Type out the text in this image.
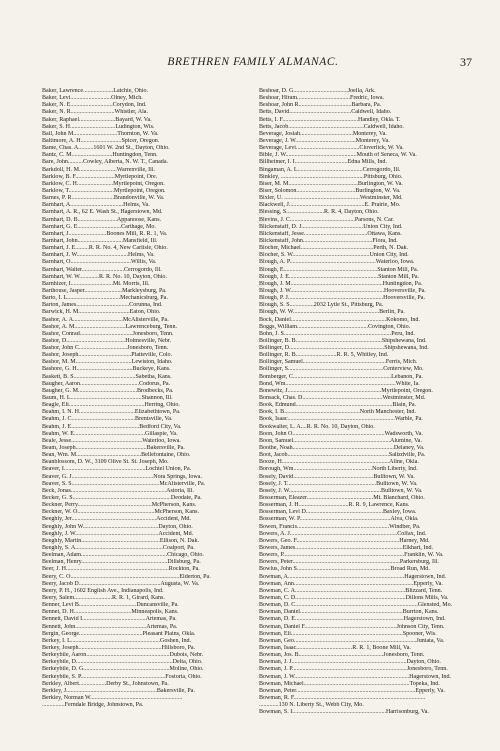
BRETHREN FAMILY ALMANAC.	37
Baker, Lawrence....................Latchie, Ohio.
Baker, Levi...........................Olney, Mich.
Baker, N. E............................Corydon, Ind.
Baker, N. R.............................Whistler, Ala.
Baker, Raphael........................Bayard, W. Va.
Baker, S. H..............................Ludington, Wis.
Ball, John M.............................Thornton, W. Va.
Baltimore, A. H...........................Spicer, Oregon.
Bame, Chas. A..........1601 W. 2nd St., Dayton, Ohio.
Bantz, C. M...........................Huntingdon, Tenn.
Bare, John..........Cowley, Alberta, N. W. T., Canada.
Barkdoll, H. M.........................Warrenville, Ill.
Barklow, B. F..........................Myrtlepoint, Ore.
Barklow, C. H........................Myrtlepoint, Oregon.
Barklow, T..............................Myrtlepoint, Oregon.
Barnes, P. R............................Brandonville, W. Va.
Barnhart, A...................................Helms, Va.
Barnhart, A. R., 62 E. Wash St., Hagerstown, Md.
Barnhart, D. B..........................Appanoose, Kans.
Barnhart, G. E.............................Carthage, Mo.
Barnhart, J.........................Boones Mill, R. R. 1, Va.
Barnhart, John..............................Mansfield, Ill.
Barnhart, J. E.........R. R. No. 4, New Carlisle, Ohio.
Barnhart, J. W..................................Helms, Va.
Barnhart, O........................................Willis, Va.
Barnhart, Walter............................Cerrogordo, Ill.
Barnhart, W. W.............R. R. No. 10, Dayton, Ohio.
Barnhizer, I............................Mt. Morris, Ill.
Barthouse, Jasper.........................Markleysburg, Pa.
Barto, I. L...................................Mechanicsburg, Pa.
Barton, James...................................Corunna, Ind.
Barwick, H. M..................................Eaton, Ohio.
Bashor, A. A.................................McAlisterville, Pa.
Bashor, A. M..................................Lawrenceburg, Tenn.
Bashor, Conrad...................................Jonesboro, Tenn.
Bashor, D.......................................Holmesville, Nebr.
Bashor, John C................................Jonesboro, Tenn.
Bashor, Joseph...................................Platteville, Colo.
Bashor, M. M.....................................Lewiston, Idaho.
Bashore, G. H.....................................Buckeye, Kans.
Baskett, B. S.........................................Sabetha, Kans.
Baugher, Aaron.......................................Codorus, Pa.
Baugher, G. M.......................................Brodbecks, Pa.
Baum, H. L...............................................Shannon, Ill.
Beagle, Eli..................................................Herring, Ohio.
Beahm, I. N. H.....................................Elizabethtown, Pa.
Beahm, J. C..........................................Brentsville, Va.
Beahm, J. E.............................................Bedford City, Va.
Beahm, W. E...............................................Gillaspie, Va.
Beale, Jesse...............................................Waterloo, Iowa.
Beam, Joseph...............................................Bakersville, Pa.
Bean, Wm. M...........................................Bellefontaine, Ohio.
Beanblossom, D. W., 3109 Olive St. St. Joseph, Mo.
Beaver, I......................................................Lochiel Union, Pa.
Beaver, G. J......................................................Nora Springs, Iowa.
Beaver, S. S..........................................................McAlisterville, Pa.
Beck, Jonas...............................................................Astoria, Ill.
Becker, G. S.................................................................Deodate, Pa.
Beckner, Perry.................................................McPherson, Kans.
Beckner, W. O...................................................McPherson, Kans.
Beeghly, Jer........................................................Accident, Md.
Beeghly, John W..................................................Dayton, Ohio.
Beeghly, J. W.......................................................Accident, Md.
Beeghly, Martin....................................................Ellison, N. Dak.
Beeghly, S. A..........................................................Coalport, Pa.
Beelman, Adam.........................................................Chicago, Ohio.
Beelman, Henry.........................................................Dillsburg, Pa.
Beer, J. H....................................................................Rockton, Pa.
Beery, C. O........................................................................Elderton, Pa.
Beery, Jacob D......................................................Augusta, W. Va.
Beery, P. H., 1602 English Ave., Indianapolis, Ind.
Beery, Salem.........................R. R. 1, Girard, Kans.
Benner, Levi B......................................Duncansville, Pa.
Bennet, D. H......................................Minneapolis, Kans.
Bennett, David I..........................................Artemas, Pa.
Bennett, John...............................................Artemas, Pa.
Bergin, George..........................................Pleasant Plains, Okla.
Berkey, I. L...........................................................Goshen, Ind.
Berkey, Joseph.......................................................Hillsboro, Pa.
Berkeybile, Aaron.......................................................Dubois, Nebr.
Berkeybile, D................................................................Delta, Ohio.
Berkeybile, D. G.........................................................Moline, Ohio.
Berkeybile, S. P........................................................Fostoria, Ohio.
Berkley, Albert..................Derby St., Johnstown, Pa.
Berkley, J............................................................Bakersville, Pa.
Berkley, Norman W.............................................................
...............Ferndale Bridge, Johnstown, Pa.
Beshoar, D. G....................................Joella, Ark.
Beshoar, Hiram...................................Fredric, Iowa.
Beshoar, John R...................................Barbara, Pa.
Betts, David.........................................Caldwell, Idaho.
Betts, I. F..................................................Handley, Okla. T.
Betts, Jacob..................................................Caldwell, Idaho.
Beverage, Josiah...................................Monterey, Va.
Beverage, J. W........................................Monterey, Va.
Beverage, Levi..........................................Cloverlick, W. Va.
Bible, J. W...............................................Mouth of Seneca, W. Va.
Billheimer, I. I...................................Edna Mills, Ind.
Bingaman, A. L...........................................Cerrogordo, Ill.
Binkley, .......................................................Pittsburg, Ohio.
Biser, M. M..............................................Burlington, W. Va.
Biser, Solomon.......................................Burlington, W. Va.
Bixler, U. ..................................................Westminster, Md.
Blackwell, J..................................................E. Prairie, Mo.
Blessing, S.........................R. R. 4, Dayton, Ohio.
Blevins, J. C...........................................Parsons, N. Car.
Blickenstaff, D. J.........................................Union City, Ind.
Blickenstaff, Jesse..........................................Ottawa, Kans.
Blickenstaff, John..............................................Flora, Ind.
Blocher, Michael................................................Perth, N. Dak.
Blocher, S. W...................................................Union City, Ind.
Blough, A. P.........................................................Waterloo, Iowa.
Blough, E..............................................................Stanton Mill, Pa.
Blough, J. E...........................................................Stanton Mill, Pa.
Blough, J. M.............................................................Huntingdon, Pa.
Blough, J. W..............................................................Hooversville, Pa.
Blough, P. J...............................................................Hooversville, Pa.
Blough, S. S................2032 Lytle St., Pittsburg, Pa.
Blough, W. W.........................................................Berlin, Pa.
Bock, Daniel...............................................................Kokomo, Ind.
Boggs, William...............................................Covington, Ohio.
Bohn, J. S.......................................................................Peru, Ind.
Bollinger, B. B.........................................................Shipshewana, Ind.
Bollinger, D...............................................................Shipshewana, Ind.
Bollinger, R. B...........................R. R. 5, Whitley, Ind.
Bollinger, Samuel.......................................................Ferris, Mich.
Bollinger, S...............................................................Centerview, Mo.
Bomberger, C.................................................................Lebanon, Pa.
Bond, Wm.........................................................................White, Ia.
Bonewitz, J..............................................................Myrtlepoint, Oregon.
Bonsack, Chas. D.....................................................Westminster, Md.
Book, Edmund................................................................Blain, Pa.
Book, I. B..................................................North Manchester, Ind.
Book, Isaac.......................................................................Warble, Pa.
Bookwalter, L. A....R. R. No. 10, Dayton, Ohio.
Boon, John O.............................................................Wadsworth, Va.
Boon, Samuel................................................................Alumine, Va.
Boothe, Noah...................................................................Delaney, Va.
Boot, Jacob...................................................................Saltzdville, Pa.
Booze, H.......................................................................Aline, Okla.
Borough, Wm....................................................North Liberty, Ind.
Bosely, David.....................................................Bulltown, W. Va.
Bosely, J. T...........................................................Bulltown, W. Va.
Bosely, J. W.............................................................Bulltown, W. Va.
Bosserman, Eleazer............................................Mt. Blanchard, Ohio.
Bosserman, J. H.................................R. R. 9, Lawrence, Kans.
Bosserman, Levi D...................................................Baxley, Iowa.
Bosserman, W. P............................................................Alva, Okla.
Bowen, Francis.............................................................Windber, Pa.
Bowers, A. J.......................................................................Colfax, Ind.
Bowers, Geo. F....................................................................Harney, Md.
Bowers, James.......................................................................Elkhart, Ind.
Bowers, P................................................................................Franklin, W. Va.
Bowers, Peter.......................................................................Parkersburg, Ill.
Bowlus, John S..............................................................Broad Run, Md.
Bowman, A.............................................................................Hagerstown, Ind.
Bowman, Ann...............................................................................Epperly, Va.
Bowman, C. A.........................................................................Blizzard, Tenn.
Bowman, C. D.........................................................................Dillons Mills, Va.
Bowman, D. C.................................................................................Glensted, Mo.
Bowman, Daniel....................................................................Burrton, Kans.
Bowman, D. E........................................................................Hagerstown, Ind.
Bowman, Daniel F.............................................................Johnson City, Tenn.
Bowman, Eli..........................................................................Spooner, Wis.
Bowman, Geo.................................................................................Juniata, Va.
Bowman, Isaac.....................................R. R. 1, Boone Mill, Va.
Bowman, Jos. B........................................................Jonesboro, Tenn.
Bowman, J. J............................................................................Dayton, Ohio.
Bowman, J. P............................................................................Jonesboro, Tenn.
Bowman, J. W............................................................................Hagerstown, Ind.
Bowman, Michael......................................................................Topeka, Ind.
Bowman, Peter...............................................................................Epperly, Va.
Bowman, R. F.......................................................................................
.............130 N. Liberty St., Webb City, Mo.
Bowman, S. I..............................................................Harrisonburg, Va.
